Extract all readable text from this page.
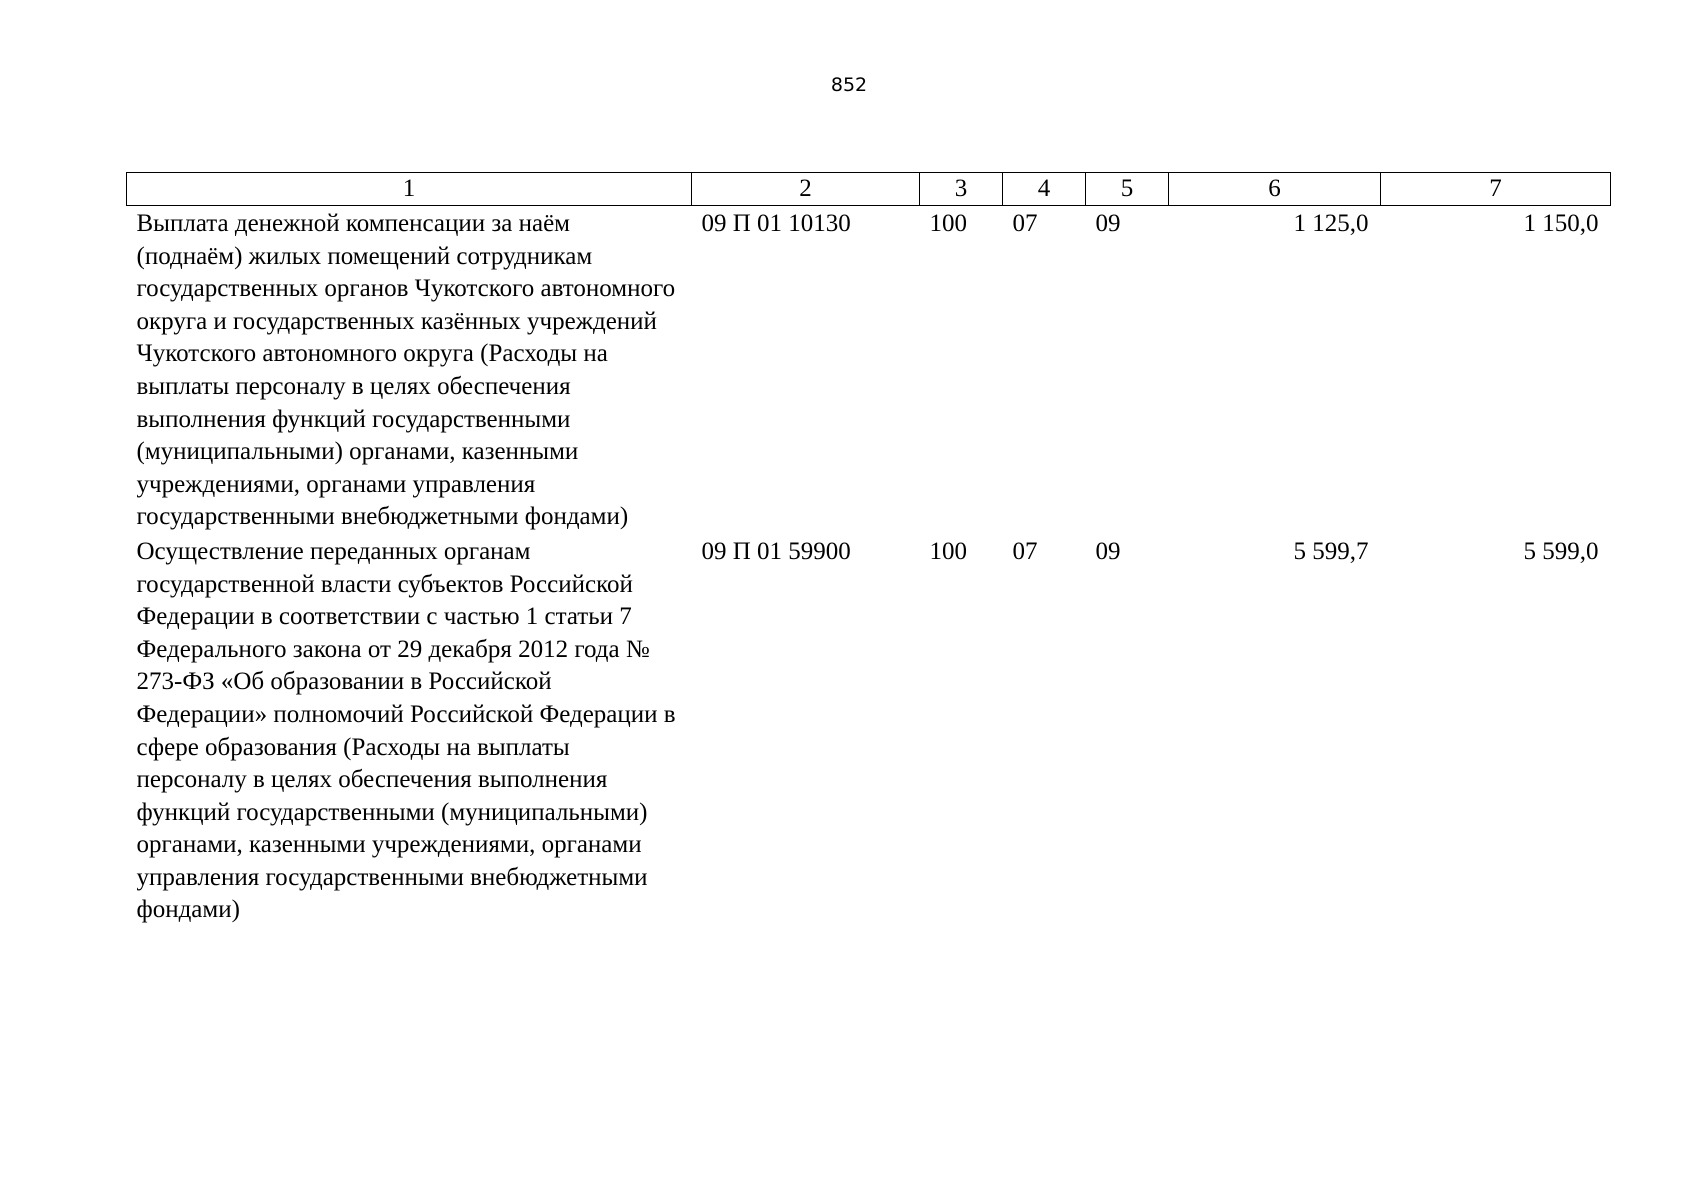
852
1	2	3	4	5	6	7
Выплата денежной компенсации за наём (поднаём) жилых помещений сотрудникам государственных органов Чукотского автономного округа и государственных казённых учреждений Чукотского автономного округа (Расходы на выплаты персоналу в целях обеспечения выполнения функций государственными (муниципальными) органами, казенными учреждениями, органами управления государственными внебюджетными фондами)	09 П 01 10130	100	07	09	1 125,0	1 150,0
Осуществление переданных органам государственной власти субъектов Российской Федерации в соответствии с частью 1 статьи 7 Федерального закона от 29 декабря 2012 года № 273-ФЗ «Об образовании в Российской Федерации» полномочий Российской Федерации в сфере образования (Расходы на выплаты персоналу в целях обеспечения выполнения функций государственными (муниципальными) органами, казенными учреждениями, органами управления государственными внебюджетными фондами)	09 П 01 59900	100	07	09	5 599,7	5 599,0
